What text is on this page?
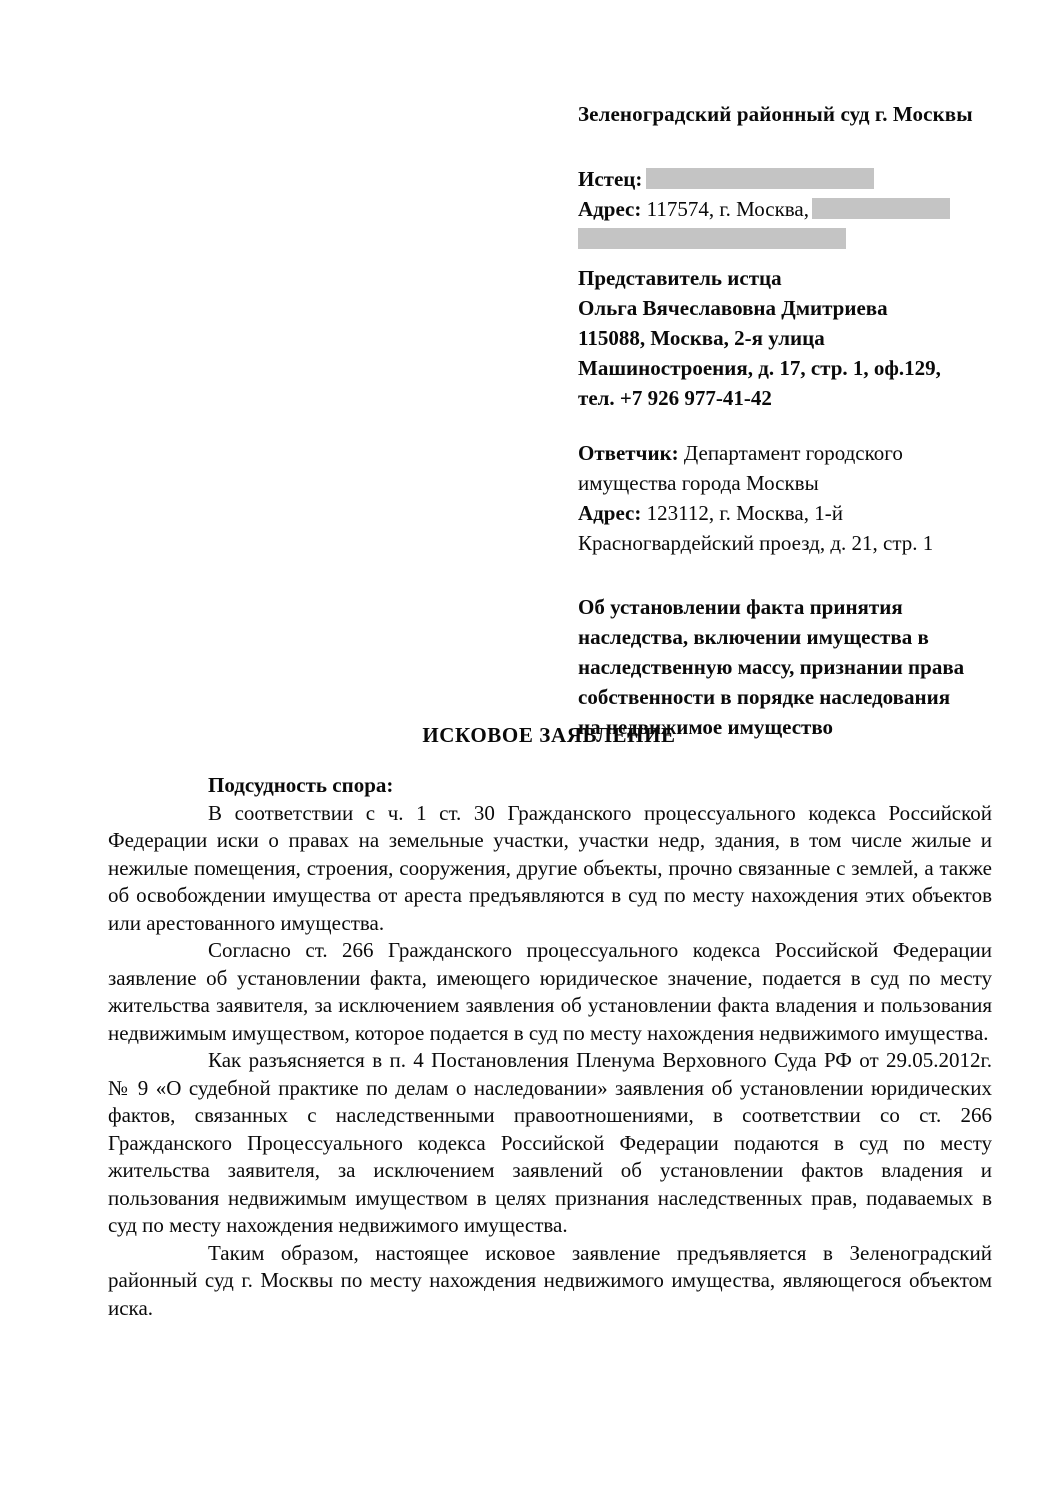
Зеленоградский районный суд г. Москвы
Истец:
Адрес: 117574, г. Москва,
Представитель истца
Ольга Вячеславовна Дмитриева
115088, Москва, 2-я улица
Машиностроения, д. 17, стр. 1, оф.129,
тел. +7 926 977-41-42
Ответчик: Департамент городского
имущества города Москвы
Адрес: 123112, г. Москва, 1-й
Красногвардейский проезд, д. 21, стр. 1
Об установлении факта принятия
наследства, включении имущества в
наследственную массу, признании права
собственности в порядке наследования
на недвижимое имущество
ИСКОВОЕ ЗАЯВЛЕНИЕ
Подсудность спора:

В соответствии с ч. 1 ст. 30 Гражданского процессуального кодекса Российской Федерации иски о правах на земельные участки, участки недр, здания, в том числе жилые и нежилые помещения, строения, сооружения, другие объекты, прочно связанные с землей, а также об освобождении имущества от ареста предъявляются в суд по месту нахождения этих объектов или арестованного имущества.

Согласно ст. 266 Гражданского процессуального кодекса Российской Федерации заявление об установлении факта, имеющего юридическое значение, подается в суд по месту жительства заявителя, за исключением заявления об установлении факта владения и пользования недвижимым имуществом, которое подается в суд по месту нахождения недвижимого имущества.

Как разъясняется в п. 4 Постановления Пленума Верховного Суда РФ от 29.05.2012г. № 9 «О судебной практике по делам о наследовании» заявления об установлении юридических фактов, связанных с наследственными правоотношениями, в соответствии со ст. 266 Гражданского Процессуального кодекса Российской Федерации подаются в суд по месту жительства заявителя, за исключением заявлений об установлении фактов владения и пользования недвижимым имуществом в целях признания наследственных прав, подаваемых в суд по месту нахождения недвижимого имущества.

Таким образом, настоящее исковое заявление предъявляется в Зеленоградский районный суд г. Москвы по месту нахождения недвижимого имущества, являющегося объектом иска.
